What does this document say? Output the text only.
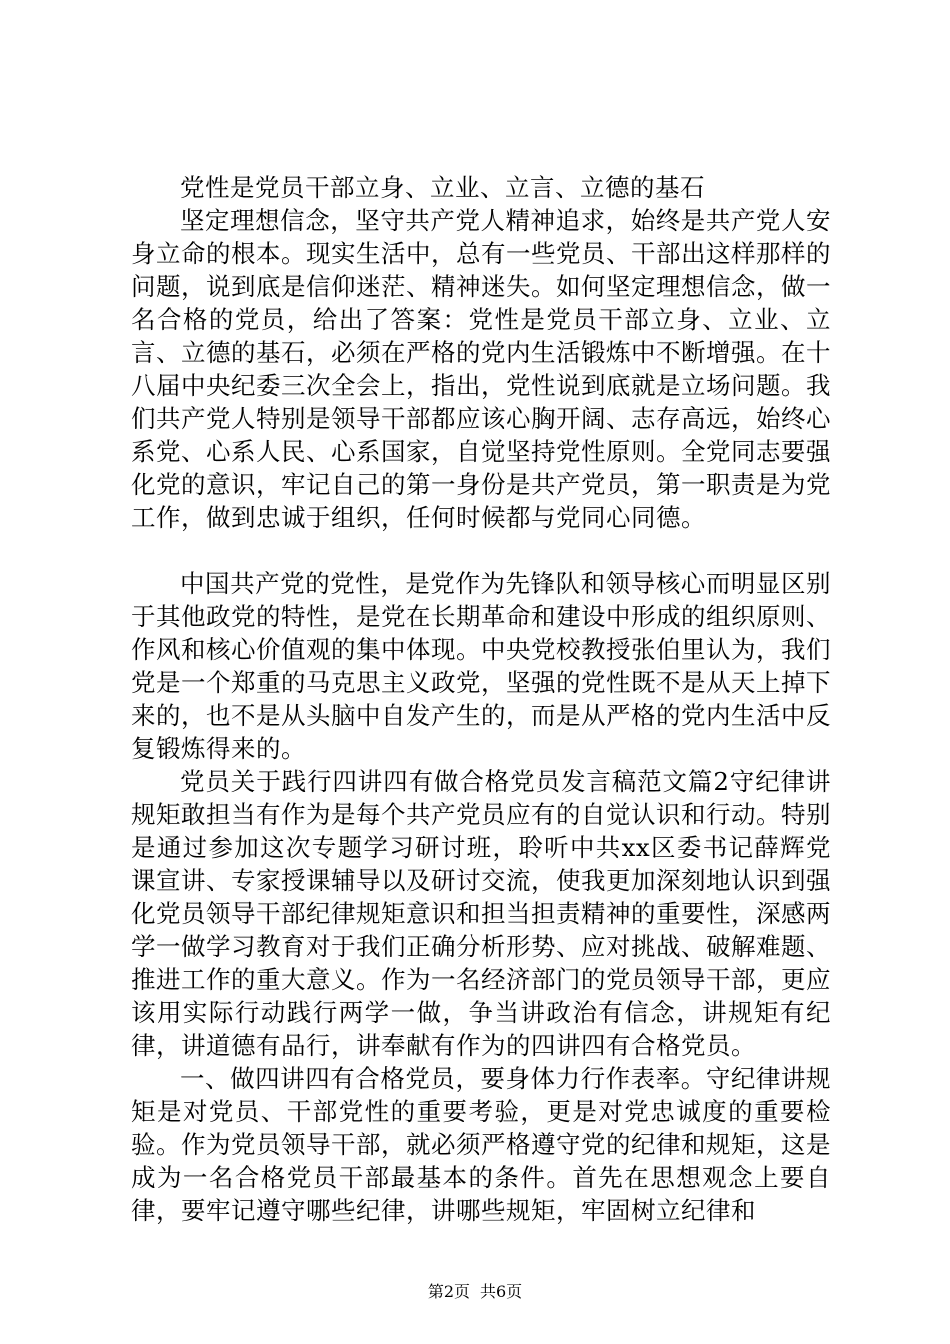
党性是党员干部立身、立业、立言、立德的基石

坚定理想信念，坚守共产党人精神追求，始终是共产党人安身立命的根本。现实生活中，总有一些党员、干部出这样那样的问题，说到底是信仰迷茫、精神迷失。如何坚定理想信念，做一名合格的党员，给出了答案：党性是党员干部立身、立业、立言、立德的基石，必须在严格的党内生活锻炼中不断增强。在十八届中央纪委三次全会上，指出，党性说到底就是立场问题。我们共产党人特别是领导干部都应该心胸开阔、志存高远，始终心系党、心系人民、心系国家，自觉坚持党性原则。全党同志要强化党的意识，牢记自己的第一身份是共产党员，第一职责是为党工作，做到忠诚于组织，任何时候都与党同心同德。

中国共产党的党性，是党作为先锋队和领导核心而明显区别于其他政党的特性，是党在长期革命和建设中形成的组织原则、作风和核心价值观的集中体现。中央党校教授张伯里认为，我们党是一个郑重的马克思主义政党，坚强的党性既不是从天上掉下来的，也不是从头脑中自发产生的，而是从严格的党内生活中反复锻炼得来的。

党员关于践行四讲四有做合格党员发言稿范文篇2守纪律讲规矩敢担当有作为是每个共产党员应有的自觉认识和行动。特别是通过参加这次专题学习研讨班，聆听中共xx区委书记薛辉党课宣讲、专家授课辅导以及研讨交流，使我更加深刻地认识到强化党员领导干部纪律规矩意识和担当担责精神的重要性，深感两学一做学习教育对于我们正确分析形势、应对挑战、破解难题、推进工作的重大意义。作为一名经济部门的党员领导干部，更应该用实际行动践行两学一做，争当讲政治有信念，讲规矩有纪律，讲道德有品行，讲奉献有作为的四讲四有合格党员。

一、做四讲四有合格党员，要身体力行作表率。守纪律讲规矩是对党员、干部党性的重要考验，更是对党忠诚度的重要检验。作为党员领导干部，就必须严格遵守党的纪律和规矩，这是成为一名合格党员干部最基本的条件。首先在思想观念上要自律，要牢记遵守哪些纪律，讲哪些规矩，牢固树立纪律和

第2页 共6页
